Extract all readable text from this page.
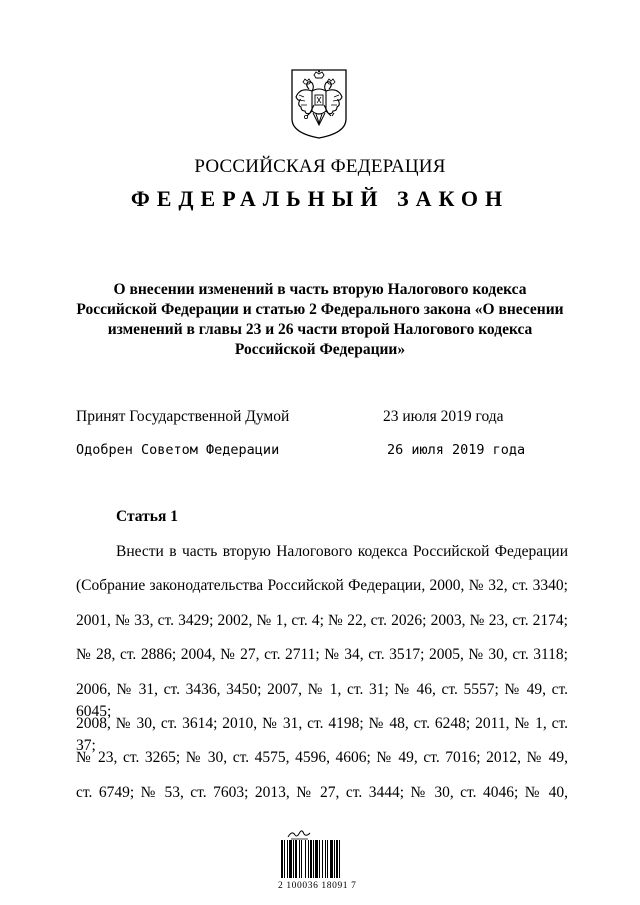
РОССИЙСКАЯ ФЕДЕРАЦИЯ
ФЕДЕРАЛЬНЫЙ ЗАКОН
О внесении изменений в часть вторую Налогового кодекса
Российской Федерации и статью 2 Федерального закона «О внесении
изменений в главы 23 и 26 части второй Налогового кодекса
Российской Федерации»
Принят Государственной Думой	23 июля 2019 года
Одобрен Советом Федерации	26 июля 2019 года
Статья 1
Внести в часть вторую Налогового кодекса Российской Федерации
(Собрание законодательства Российской Федерации, 2000, № 32, ст. 3340;
2001, № 33, ст. 3429; 2002, № 1, ст. 4; № 22, ст. 2026; 2003, № 23, ст. 2174;
№ 28, ст. 2886; 2004, № 27, ст. 2711; № 34, ст. 3517; 2005, № 30, ст. 3118;
2006, № 31, ст. 3436, 3450; 2007, № 1, ст. 31; № 46, ст. 5557; № 49, ст. 6045;
2008, № 30, ст. 3614; 2010, № 31, ст. 4198; № 48, ст. 6248; 2011, № 1, ст. 37;
№ 23, ст. 3265; № 30, ст. 4575, 4596, 4606; № 49, ст. 7016; 2012, № 49,
ст. 6749; № 53, ст. 7603; 2013, № 27, ст. 3444; № 30, ст. 4046; № 40,
2 100036 18091 7
